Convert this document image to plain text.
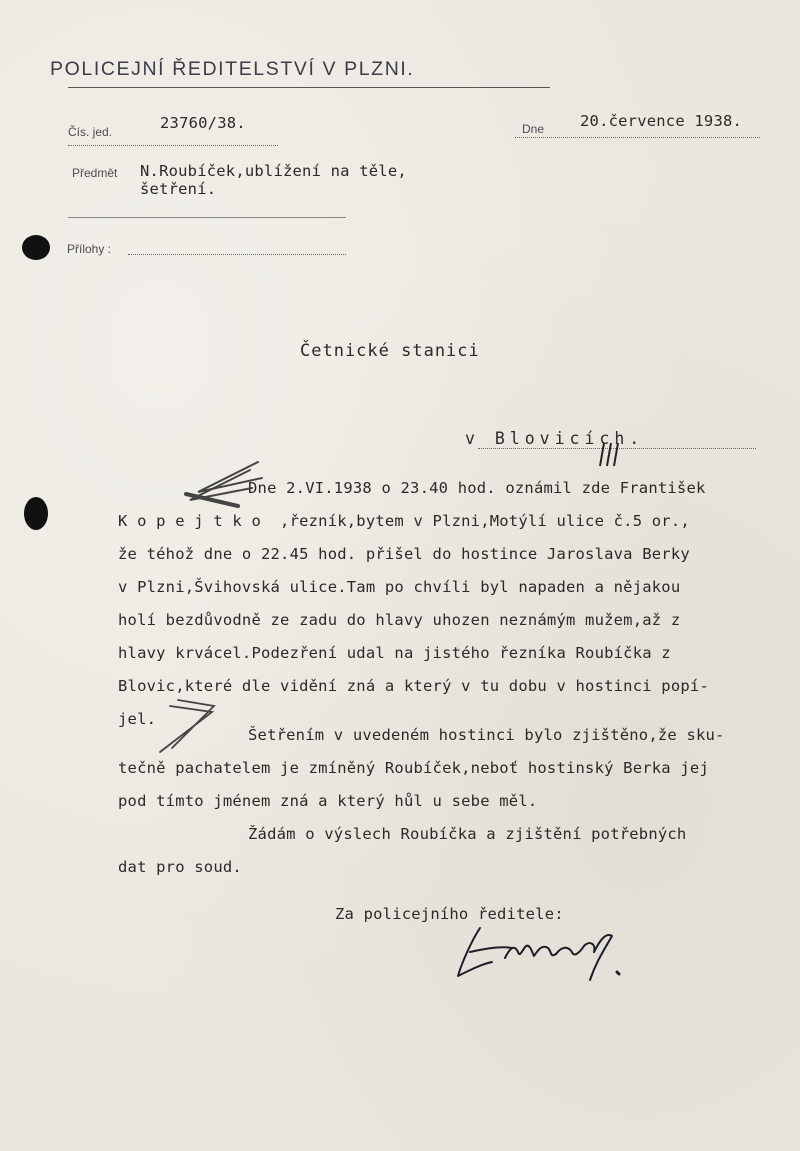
POLICEJNÍ ŘEDITELSTVÍ V PLZNI.
Čís. jed.	23760/38.	Dne 20.července 1938.
Předmět N.Roubíček,ublížení na těle,
šetření.
Přílohy :
Četnické stanici
v Blovicích.
Dne 2.VI.1938 o 23.40 hod. oznámil zde František
K o p e j t k o  ,řezník,bytem v Plzni,Motýlí ulice č.5 or.,
že téhož dne o 22.45 hod. přišel do hostince Jaroslava Berky
v Plzni,Švihovská ulice.Tam po chvíli byl napaden a nějakou
holí bezdůvodně ze zadu do hlavy uhozen neznámým mužem,až z
hlavy krvácel.Podezření udal na jistého řezníka Roubíčka z
Blovic,které dle vidění zná a který v tu dobu v hostinci popí-
jel.
Šetřením v uvedeném hostinci bylo zjištěno,že sku-
tečně pachatelem je zmíněný Roubíček,neboť hostinský Berka jej
pod tímto jménem zná a který hůl u sebe měl.
Žádám o výslech Roubíčka a zjištění potřebných
dat pro soud.
Za policejního ředitele:
